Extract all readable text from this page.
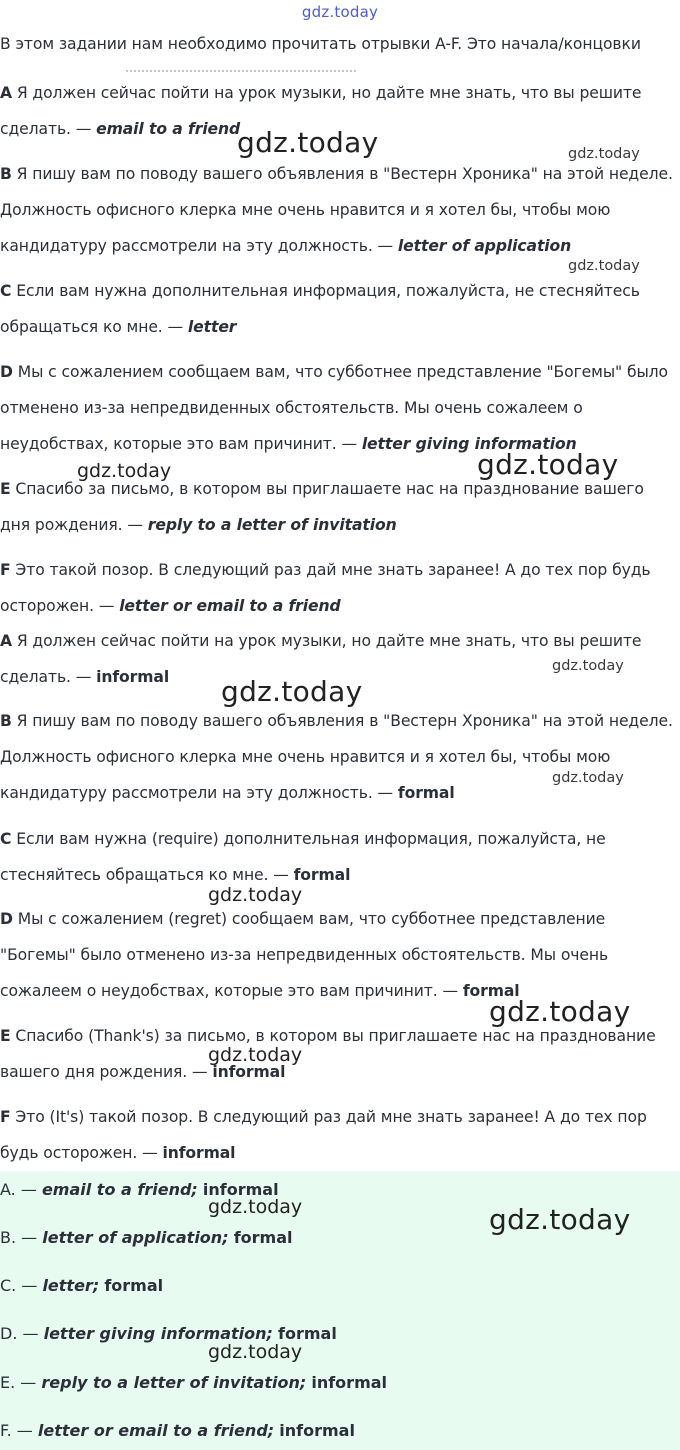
gdz.today
В этом задании нам необходимо прочитать отрывки A-F. Это начала/концовки
A Я должен сейчас пойти на урок музыки, но дайте мне знать, что вы решите сделать. — email to a friend
B Я пишу вам по поводу вашего объявления в "Вестерн Хроника" на этой неделе. Должность офисного клерка мне очень нравится и я хотел бы, чтобы мою кандидатуру рассмотрели на эту должность. — letter of application
C Если вам нужна дополнительная информация, пожалуйста, не стесняйтесь обращаться ко мне. — letter
D Мы с сожалением сообщаем вам, что субботнее представление "Богемы" было отменено из-за непредвиденных обстоятельств. Мы очень сожалеем о неудобствах, которые это вам причинит. — letter giving information
E Спасибо за письмо, в котором вы приглашаете нас на празднование вашего дня рождения. — reply to a letter of invitation
F Это такой позор. В следующий раз дай мне знать заранее! А до тех пор будь осторожен. — letter or email to a friend
A Я должен сейчас пойти на урок музыки, но дайте мне знать, что вы решите сделать. — informal
B Я пишу вам по поводу вашего объявления в "Вестерн Хроника" на этой неделе. Должность офисного клерка мне очень нравится и я хотел бы, чтобы мою кандидатуру рассмотрели на эту должность. — formal
C Если вам нужна (require) дополнительная информация, пожалуйста, не стесняйтесь обращаться ко мне. — formal
D Мы с сожалением (regret) сообщаем вам, что субботнее представление "Богемы" было отменено из-за непредвиденных обстоятельств. Мы очень сожалеем о неудобствах, которые это вам причинит. — formal
E Спасибо (Thank's) за письмо, в котором вы приглашаете нас на празднование вашего дня рождения. — informal
F Это (It's) такой позор. В следующий раз дай мне знать заранее! А до тех пор будь осторожен. — informal
A. — email to a friend; informal
B. — letter of application; formal
C. — letter; formal
D. — letter giving information; formal
E. — reply to a letter of invitation; informal
F. — letter or email to a friend; informal
gdz.today	gdz.today
gdz.today
gdz.today	gdz.today
gdz.today
gdz.today
gdz.today
gdz.today
gdz.today
gdz.today
gdz.today	gdz.today
gdz.today
